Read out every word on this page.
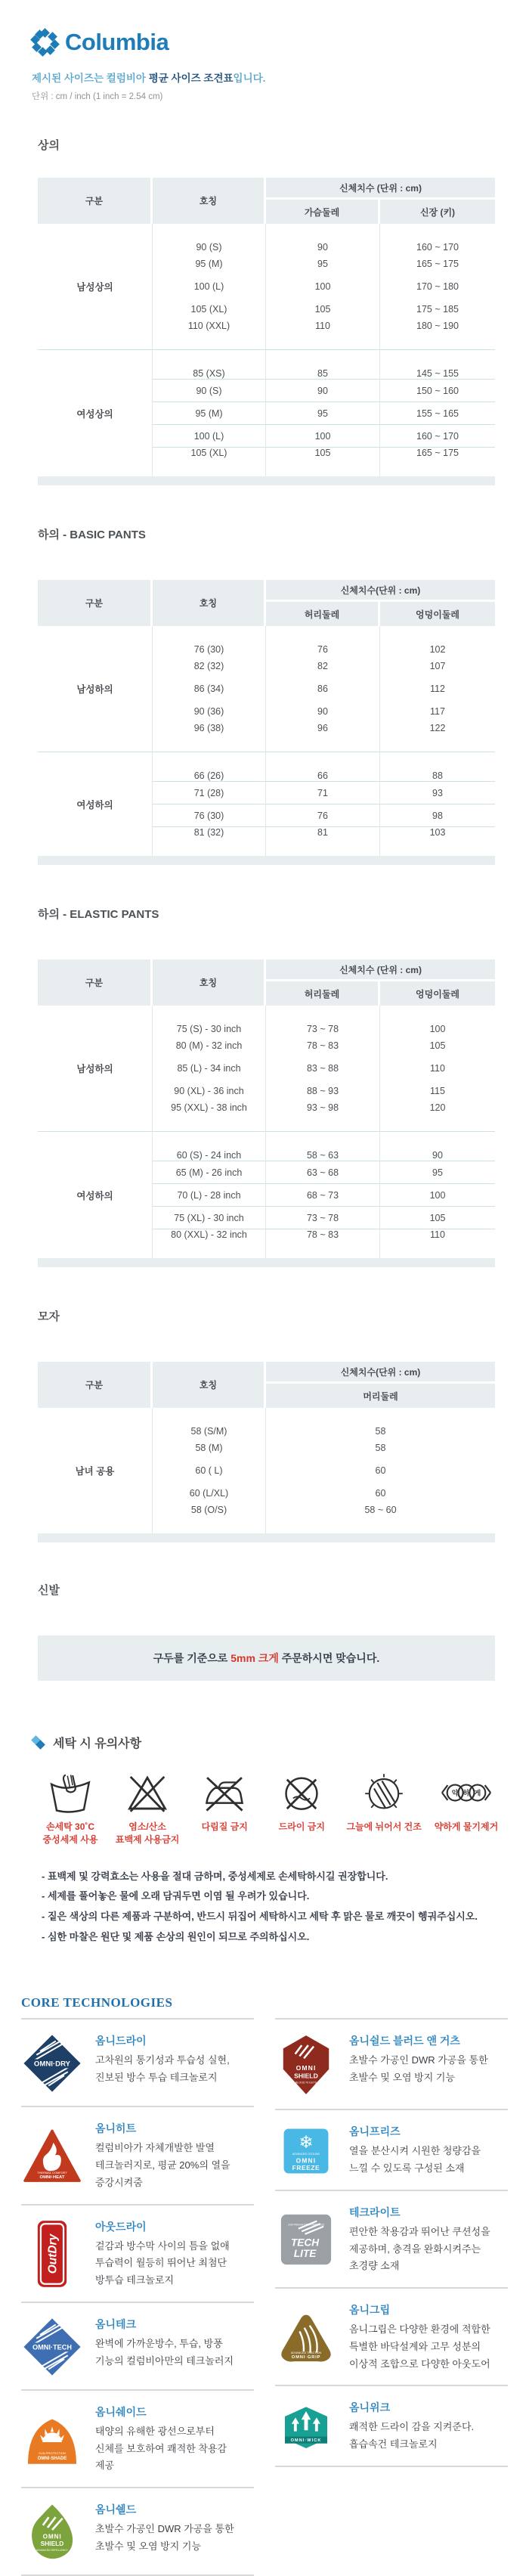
Columbia

제시된 사이즈는 컬럼비아 평균 사이즈 조견표입니다.

단위 : cm / inch (1 inch = 2.54 cm)

상의
구분	호칭	신체치수 (단위 : cm)	
		가슴둘레	신장 (키)
남성상의	90 (S)	90	160 ~ 170
	95 (M)	95	165 ~ 175
	100 (L)	100	170 ~ 180
	105 (XL)	105	175 ~ 185
	110 (XXL)	110	180 ~ 190
여성상의	85 (XS)	85	145 ~ 155
	90 (S)	90	150 ~ 160
	95 (M)	95	155 ~ 165
	100 (L)	100	160 ~ 170
	105 (XL)	105	165 ~ 175
하의 - BASIC PANTS
구분	호칭	신체치수(단위 : cm)	
		허리둘레	엉덩이둘레
남성하의	76 (30)	76	102
	82 (32)	82	107
	86 (34)	86	112
	90 (36)	90	117
	96 (38)	96	122
여성하의	66 (26)	66	88
	71 (28)	71	93
	76 (30)	76	98
	81 (32)	81	103
하의 - ELASTIC PANTS
구분	호칭	신체치수 (단위 : cm)	
		허리둘레	엉덩이둘레
남성하의	75 (S) - 30 inch	73 ~ 78	100
	80 (M) - 32 inch	78 ~ 83	105
	85 (L) - 34 inch	83 ~ 88	110
	90 (XL) - 36 inch	88 ~ 93	115
	95 (XXL) - 38 inch	93 ~ 98	120
여성하의	60 (S) - 24 inch	58 ~ 63	90
	65 (M) - 26 inch	63 ~ 68	95
	70 (L) - 28 inch	68 ~ 73	100
	75 (XL) - 30 inch	73 ~ 78	105
	80 (XXL) - 32 inch	78 ~ 83	110
모자
구분	호칭	신체치수(단위 : cm)
		머리둘레
남녀 공용	58 (S/M)	58
	58 (M)	58
	60 ( L)	60
	60 (L/XL)	60
	58 (O/S)	58 ~ 60
신발
구두를 기준으로 5mm 크게 주문하시면 맞습니다.
세탁 시 유의사항
손세탁 30˚C
중성세제 사용
염소/산소
표백제 사용금지
다림질 금지	드라이 금지	그늘에 뉘어서 건조
약 하 게
약하게 물기제거
- 표백제 및 강력효소는 사용을 절대 금하며, 중성세제로 손세탁하시길 권장합니다.
- 세제를 풀어놓은 물에 오래 담궈두면 이염 될 우려가 있습니다.
- 짙은 색상의 다른 제품과 구분하여, 반드시 뒤집어 세탁하시고 세탁 후 맑은 물로 깨끗이 헹궈주십시오.
- 심한 마찰은 원단 및 제품 손상의 원인이 되므로 주의하십시오.
CORE TECHNOLOGIES
OMNI·DRY
옴니드라이
고차원의 통기성과 투습성 실현,
진보된 방수 투습 테크놀로지
THERMAL COMFORT
OMNI·HEAT
옴니히트
컬럼비아가 자체개발한 발열
테크놀러지로, 평균 20%의 열을
증강시켜줌
OutDry
아웃드라이
겉감과 방수막 사이의 틈을 없애
투습력이 월등히 뛰어난 최첨단
방투습 테크놀로지
OMNI·TECH
옴니테크
완벽에 가까운방수, 투습, 방풍
기능의 컬럼비아만의 테크놀러지
SUN PROTECTION
OMNI·SHADE
옴니쉐이드
태양의 유해한 광선으로부터
신체를 보호하여 쾌적한 착용감
제공
OMNI
SHIELD
ADVANCED REPELLENCY
옴니쉘드
초발수 가공인 DWR 가공을 통한
초발수 및 오염 방지 기능
OMNI
SHIELD
BLOOD ’N GUTS
옴니쉴드 블러드 앤 거츠
초발수 가공인 DWR 가공을 통한
초발수 및 오염 방지 기능
❄
ADVANCED COOLING
OMNI
FREEZE
옴니프리즈
열을 분산시켜 시원한 청량감을
느낄 수 있도록 구성된 소재
LIGHTWEIGHT PERFORMANCE
TECH
LITE
테크라이트
편안한 착용감과 뛰어난 쿠션성을
제공하며, 충격을 완화시켜주는
초경량 소재
ADVANCED TRACTION
OMNI·GRIP
옴니그립
옴니그립은 다양한 환경에 적합한
특별한 바닥설계와 고무 성분의
이상적 조합으로 다양한 아웃도어
OMNI·WICK
옴니위크
쾌적한 드라이 감을 지켜준다.
흡습속건 테크놀로지
